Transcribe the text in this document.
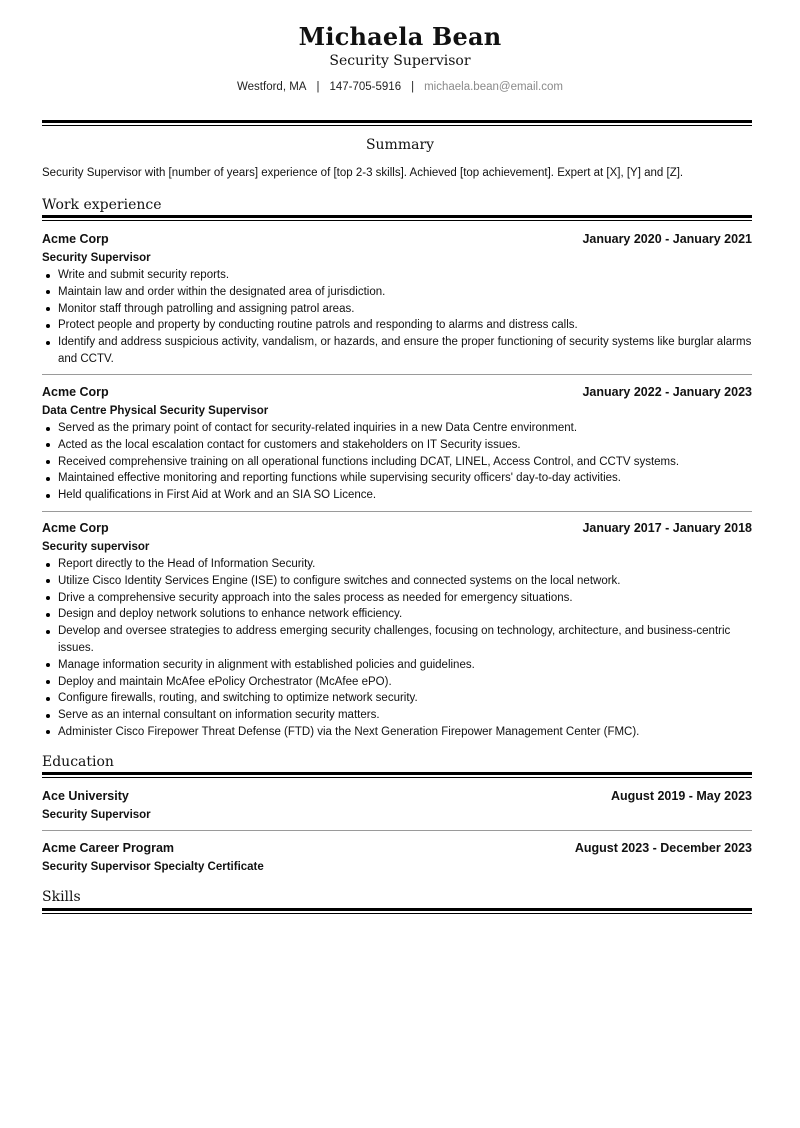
Michaela Bean
Security Supervisor
Westford, MA | 147-705-5916 | michaela.bean@email.com
Summary
Security Supervisor with [number of years] experience of [top 2-3 skills]. Achieved [top achievement]. Expert at [X], [Y] and [Z].
Work experience
Acme Corp	January 2020 - January 2021
Security Supervisor
Write and submit security reports.
Maintain law and order within the designated area of jurisdiction.
Monitor staff through patrolling and assigning patrol areas.
Protect people and property by conducting routine patrols and responding to alarms and distress calls.
Identify and address suspicious activity, vandalism, or hazards, and ensure the proper functioning of security systems like burglar alarms and CCTV.
Acme Corp	January 2022 - January 2023
Data Centre Physical Security Supervisor
Served as the primary point of contact for security-related inquiries in a new Data Centre environment.
Acted as the local escalation contact for customers and stakeholders on IT Security issues.
Received comprehensive training on all operational functions including DCAT, LINEL, Access Control, and CCTV systems.
Maintained effective monitoring and reporting functions while supervising security officers' day-to-day activities.
Held qualifications in First Aid at Work and an SIA SO Licence.
Acme Corp	January 2017 - January 2018
Security supervisor
Report directly to the Head of Information Security.
Utilize Cisco Identity Services Engine (ISE) to configure switches and connected systems on the local network.
Drive a comprehensive security approach into the sales process as needed for emergency situations.
Design and deploy network solutions to enhance network efficiency.
Develop and oversee strategies to address emerging security challenges, focusing on technology, architecture, and business-centric issues.
Manage information security in alignment with established policies and guidelines.
Deploy and maintain McAfee ePolicy Orchestrator (McAfee ePO).
Configure firewalls, routing, and switching to optimize network security.
Serve as an internal consultant on information security matters.
Administer Cisco Firepower Threat Defense (FTD) via the Next Generation Firepower Management Center (FMC).
Education
Ace University	August 2019 - May 2023
Security Supervisor
Acme Career Program	August 2023 - December 2023
Security Supervisor Specialty Certificate
Skills
